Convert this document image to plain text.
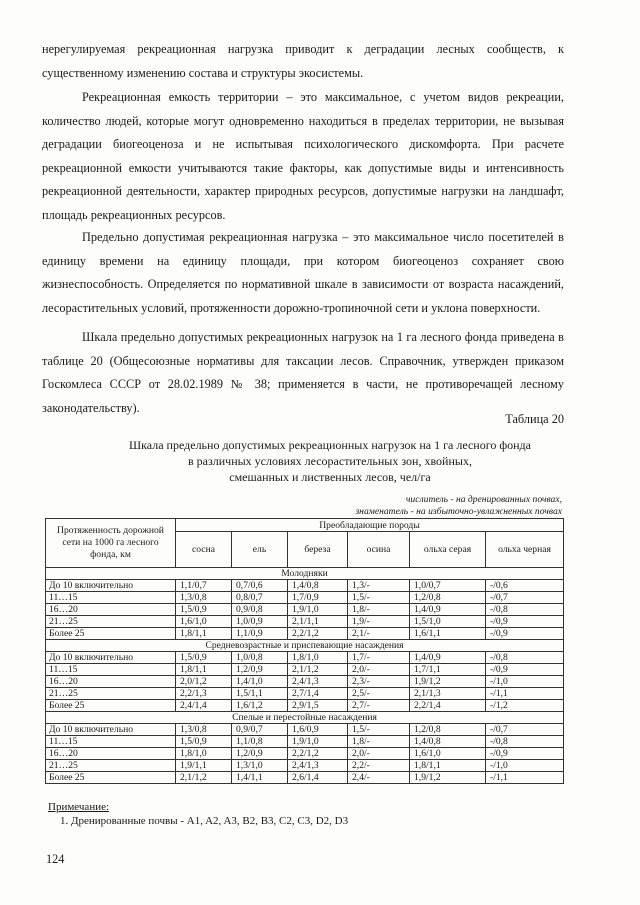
нерегулируемая рекреационная нагрузка приводит к деградации лесных сообществ, к существенному изменению состава и структуры экосистемы.

Рекреационная емкость территории – это максимальное, с учетом видов рекреации, количество людей, которые могут одновременно находиться в пределах территории, не вызывая деградации биогеоценоза и не испытывая психологического дискомфорта. При расчете рекреационной емкости учитываются такие факторы, как допустимые виды и интенсивность рекреационной деятельности, характер природных ресурсов, допустимые нагрузки на ландшафт, площадь рекреационных ресурсов.

Предельно допустимая рекреационная нагрузка – это максимальное число посетителей в единицу времени на единицу площади, при котором биогеоценоз сохраняет свою жизнеспособность. Определяется по нормативной шкале в зависимости от возраста насаждений, лесорастительных условий, протяженности дорожно-тропиночной сети и уклона поверхности.

Шкала предельно допустимых рекреационных нагрузок на 1 га лесного фонда приведена в таблице 20 (Общесоюзные нормативы для таксации лесов. Справочник, утвержден приказом Госкомлеса СССР от 28.02.1989 № 38; применяется в части, не противоречащей лесному законодательству).

Таблица 20
Шкала предельно допустимых рекреационных нагрузок на 1 га лесного фонда
в различных условиях лесорастительных зон, хвойных,
смешанных и лиственных лесов, чел/га
числитель - на дренированных почвах,
знаменатель - на избыточно-увлажненных почвах
Протяженность дорожной сети на 1000 га лесного фонда, км	Преобладающие породы					
	сосна	ель	береза	осина	ольха серая	ольха черная
Молодняки						
До 10 включительно	1,1/0,7	0,7/0,6	1,4/0,8	1,3/-	1,0/0,7	-/0,6
11…15	1,3/0,8	0,8/0,7	1,7/0,9	1,5/-	1,2/0,8	-/0,7
16…20	1,5/0,9	0,9/0,8	1,9/1,0	1,8/-	1,4/0,9	-/0,8
21…25	1,6/1,0	1,0/0,9	2,1/1,1	1,9/-	1,5/1,0	-/0,9
Более 25	1,8/1,1	1,1/0,9	2,2/1,2	2,1/-	1,6/1,1	-/0,9
Средневозрастные и приспевающие насаждения						
До 10 включительно	1,5/0,9	1,0/0,8	1,8/1,0	1,7/-	1,4/0,9	-/0,8
11…15	1,8/1,1	1,2/0,9	2,1/1,2	2,0/-	1,7/1,1	-/0,9
16…20	2,0/1,2	1,4/1,0	2,4/1,3	2,3/-	1,9/1,2	-/1,0
21…25	2,2/1,3	1,5/1,1	2,7/1,4	2,5/-	2,1/1,3	-/1,1
Более 25	2,4/1,4	1,6/1,2	2,9/1,5	2,7/-	2,2/1,4	-/1,2
Спелые и перестойные насаждения						
До 10 включительно	1,3/0,8	0,9/0,7	1,6/0,9	1,5/-	1,2/0,8	-/0,7
11…15	1,5/0,9	1,1/0,8	1,9/1,0	1,8/-	1,4/0,8	-/0,8
16…20	1,8/1,0	1,2/0,9	2,2/1,2	2,0/-	1,6/1,0	-/0,9
21…25	1,9/1,1	1,3/1,0	2,4/1,3	2,2/-	1,8/1,1	-/1,0
Более 25	2,1/1,2	1,4/1,1	2,6/1,4	2,4/-	1,9/1,2	-/1,1
Примечание:
1. Дренированные почвы - A1, A2, A3, B2, B3, C2, C3, D2, D3
124
